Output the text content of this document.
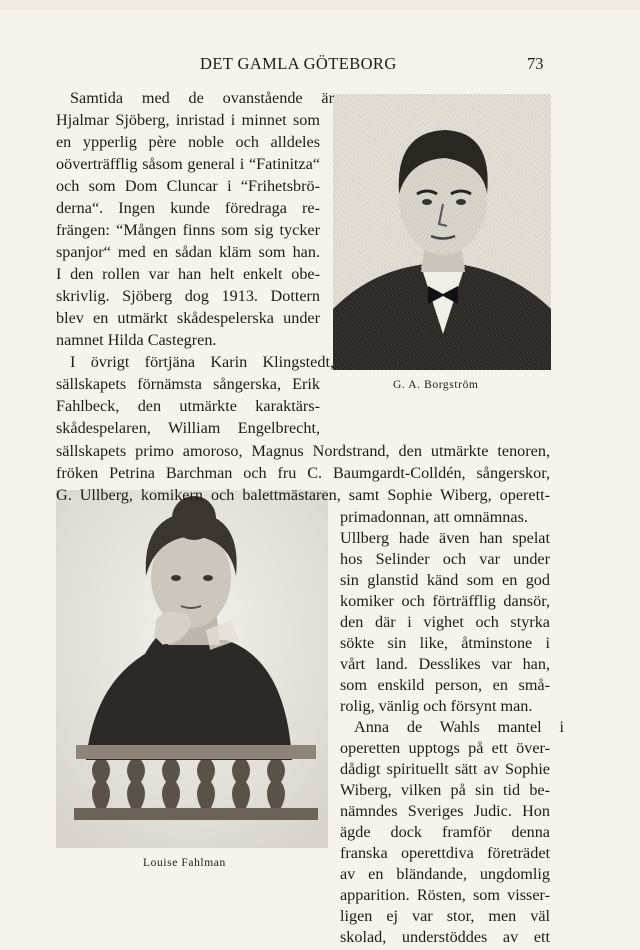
DET GAMLA GÖTEBORG	73
G. A. Borgström
Louise Fahlman
Samtida med de ovanstående är
Hjalmar Sjöberg, inristad i minnet som
en ypperlig père noble och alldeles
oöverträfflig såsom general i “Fatinitza“
och som Dom Cluncar i “Frihetsbrö-
derna“. Ingen kunde föredraga re-
frängen: “Mången finns som sig tycker
spanjor“ med en sådan kläm som han.
I den rollen var han helt enkelt obe-
skrivlig. Sjöberg dog 1913. Dottern
blev en utmärkt skådespelerska under
namnet Hilda Castegren.
I övrigt förtjäna Karin Klingstedt,
sällskapets förnämsta sångerska, Erik
Fahlbeck, den utmärkte karaktärs-
skådespelaren, William Engelbrecht,
sällskapets primo amoroso, Magnus Nordstrand, den utmärkte tenoren,
fröken Petrina Barchman och fru C. Baumgardt-Colldén, sångerskor,
G. Ullberg, komikern och balettmästaren, samt Sophie Wiberg, operett-
primadonnan, att omnämnas.
Ullberg hade även han spelat
hos Selinder och var under
sin glanstid känd som en god
komiker och förträfflig dansör,
den där i vighet och styrka
sökte sin like, åtminstone i
vårt land. Desslikes var han,
som enskild person, en små-
rolig, vänlig och försynt man.
Anna de Wahls mantel i
operetten upptogs på ett över-
dådigt spirituellt sätt av Sophie
Wiberg, vilken på sin tid be-
nämndes Sveriges Judic. Hon
ägde dock framför denna
franska operettdiva företrädet
av en bländande, ungdomlig
apparition. Rösten, som visser-
ligen ej var stor, men väl
skolad, understöddes av ett
